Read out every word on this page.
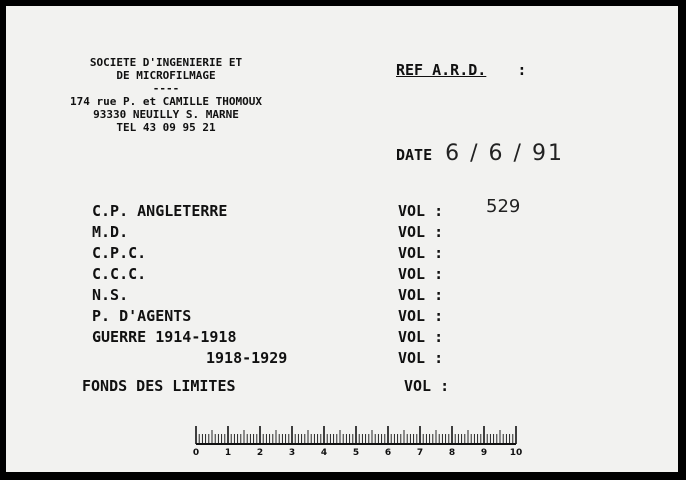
SOCIETE D'INGENIERIE ET
DE MICROFILMAGE
----
174 rue P. et CAMILLE THOMOUX
93330 NEUILLY S. MARNE
TEL 43 09 95 21
REF A.R.D. :
DATE 6 / 6 / 91
C.P. ANGLETERRE	VOL : 529
M.D.	VOL :
C.P.C.	VOL :
C.C.C.	VOL :
N.S.	VOL :
P. D'AGENTS	VOL :
GUERRE 1914-1918	VOL :
1918-1929	VOL :
FONDS DES LIMITES	VOL :
0	1	2	3	4	5	6	7	8	9	10
